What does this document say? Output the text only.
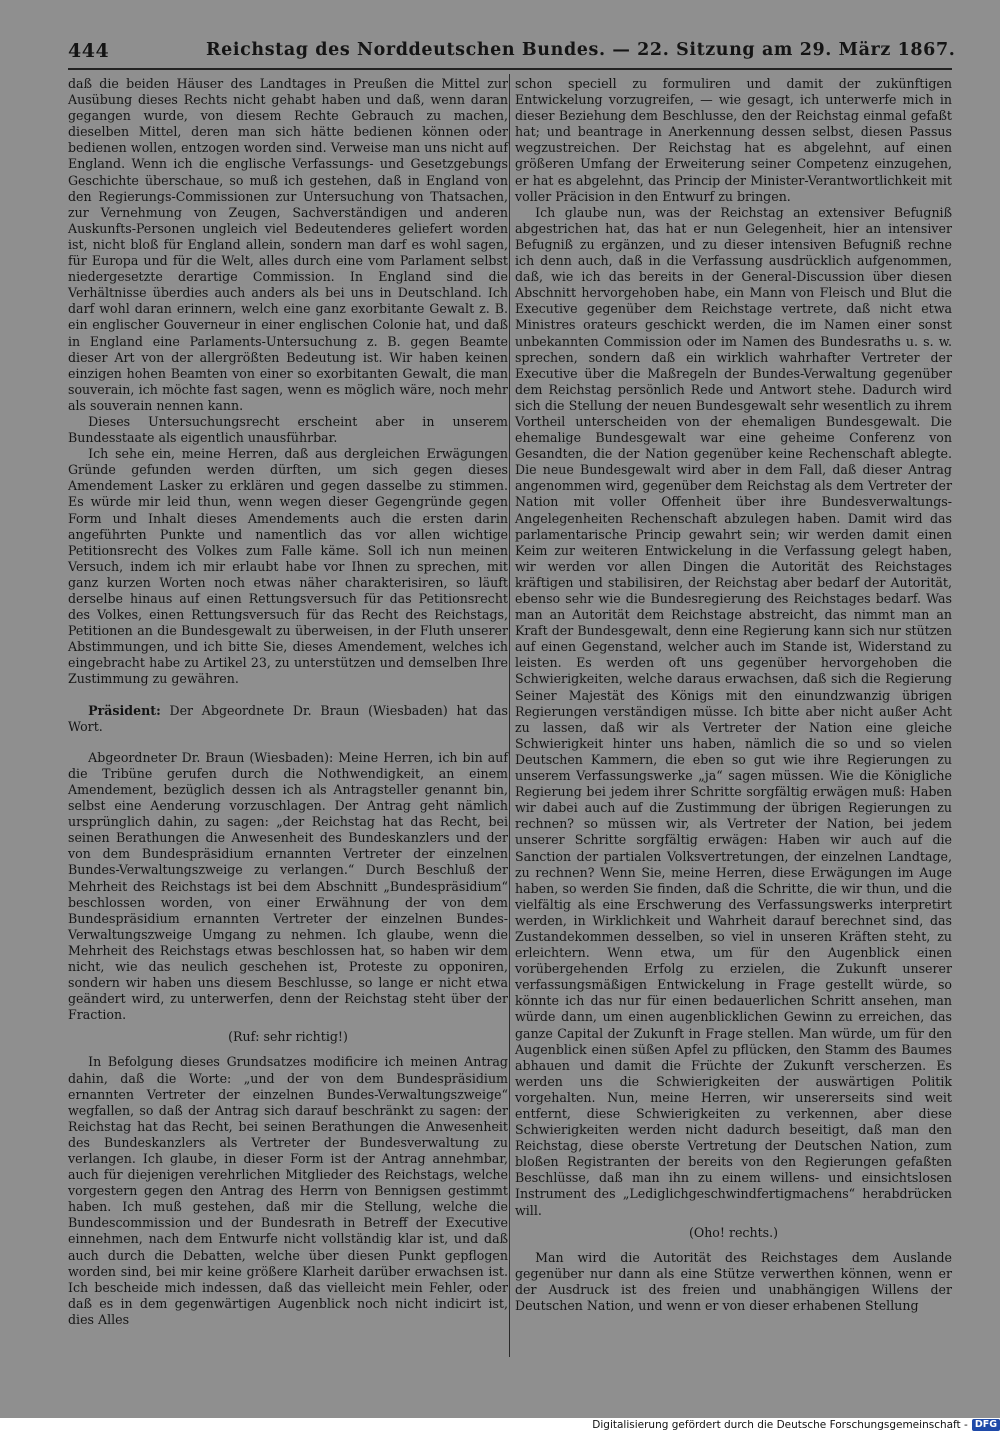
444	Reichstag des Norddeutschen Bundes. — 22. Sitzung am 29. März 1867.

daß die beiden Häuser des Landtages in Preußen die Mittel zur Ausübung dieses Rechts nicht gehabt haben und daß, wenn daran gegangen wurde, von diesem Rechte Gebrauch zu machen, dieselben Mittel, deren man sich hätte bedienen können oder bedienen wollen, entzogen worden sind. Verweise man uns nicht auf England. Wenn ich die englische Verfassungs- und Gesetzgebungs Geschichte überschaue, so muß ich gestehen, daß in England von den Regierungs-Commissionen zur Untersuchung von Thatsachen, zur Vernehmung von Zeugen, Sachverständigen und anderen Auskunfts-Personen ungleich viel Bedeutenderes geliefert worden ist, nicht bloß für England allein, sondern man darf es wohl sagen, für Europa und für die Welt, alles durch eine vom Parlament selbst niedergesetzte derartige Commission. In England sind die Verhältnisse überdies auch anders als bei uns in Deutschland. Ich darf wohl daran erinnern, welch eine ganz exorbitante Gewalt z. B. ein englischer Gouverneur in einer englischen Colonie hat, und daß in England eine Parlaments-Untersuchung z. B. gegen Beamte dieser Art von der allergrößten Bedeutung ist. Wir haben keinen einzigen hohen Beamten von einer so exorbitanten Gewalt, die man souverain, ich möchte fast sagen, wenn es möglich wäre, noch mehr als souverain nennen kann.

Dieses Untersuchungsrecht erscheint aber in unserem Bundesstaate als eigentlich unausführbar.

Ich sehe ein, meine Herren, daß aus dergleichen Erwägungen Gründe gefunden werden dürften, um sich gegen dieses Amendement Lasker zu erklären und gegen dasselbe zu stimmen. Es würde mir leid thun, wenn wegen dieser Gegengründe gegen Form und Inhalt dieses Amendements auch die ersten darin angeführten Punkte und namentlich das vor allen wichtige Petitionsrecht des Volkes zum Falle käme. Soll ich nun meinen Versuch, indem ich mir erlaubt habe vor Ihnen zu sprechen, mit ganz kurzen Worten noch etwas näher charakterisiren, so läuft derselbe hinaus auf einen Rettungsversuch für das Petitionsrecht des Volkes, einen Rettungsversuch für das Recht des Reichstags, Petitionen an die Bundesgewalt zu überweisen, in der Fluth unserer Abstimmungen, und ich bitte Sie, dieses Amendement, welches ich eingebracht habe zu Artikel 23, zu unterstützen und demselben Ihre Zustimmung zu gewähren.

Präsident: Der Abgeordnete Dr. Braun (Wiesbaden) hat das Wort.

Abgeordneter Dr. Braun (Wiesbaden): Meine Herren, ich bin auf die Tribüne gerufen durch die Nothwendigkeit, an einem Amendement, bezüglich dessen ich als Antragsteller genannt bin, selbst eine Aenderung vorzuschlagen. Der Antrag geht nämlich ursprünglich dahin, zu sagen: „der Reichstag hat das Recht, bei seinen Berathungen die Anwesenheit des Bundeskanzlers und der von dem Bundespräsidium ernannten Vertreter der einzelnen Bundes-Verwaltungszweige zu verlangen.“ Durch Beschluß der Mehrheit des Reichstags ist bei dem Abschnitt „Bundespräsidium“ beschlossen worden, von einer Erwähnung der von dem Bundespräsidium ernannten Vertreter der einzelnen Bundes-Verwaltungszweige Umgang zu nehmen. Ich glaube, wenn die Mehrheit des Reichstags etwas beschlossen hat, so haben wir dem nicht, wie das neulich geschehen ist, Proteste zu opponiren, sondern wir haben uns diesem Beschlusse, so lange er nicht etwa geändert wird, zu unterwerfen, denn der Reichstag steht über der Fraction.

(Ruf: sehr richtig!)

In Befolgung dieses Grundsatzes modificire ich meinen Antrag dahin, daß die Worte: „und der von dem Bundespräsidium ernannten Vertreter der einzelnen Bundes-Verwaltungszweige“ wegfallen, so daß der Antrag sich darauf beschränkt zu sagen: der Reichstag hat das Recht, bei seinen Berathungen die Anwesenheit des Bundeskanzlers als Vertreter der Bundesverwaltung zu verlangen. Ich glaube, in dieser Form ist der Antrag annehmbar, auch für diejenigen verehrlichen Mitglieder des Reichstags, welche vorgestern gegen den Antrag des Herrn von Bennigsen gestimmt haben. Ich muß gestehen, daß mir die Stellung, welche die Bundescommission und der Bundesrath in Betreff der Executive einnehmen, nach dem Entwurfe nicht vollständig klar ist, und daß auch durch die Debatten, welche über diesen Punkt gepflogen worden sind, bei mir keine größere Klarheit darüber erwachsen ist. Ich bescheide mich indessen, daß das vielleicht mein Fehler, oder daß es in dem gegenwärtigen Augenblick noch nicht indicirt ist, dies Alles

schon speciell zu formuliren und damit der zukünftigen Entwickelung vorzugreifen, — wie gesagt, ich unterwerfe mich in dieser Beziehung dem Beschlusse, den der Reichstag einmal gefaßt hat; und beantrage in Anerkennung dessen selbst, diesen Passus wegzustreichen. Der Reichstag hat es abgelehnt, auf einen größeren Umfang der Erweiterung seiner Competenz einzugehen, er hat es abgelehnt, das Princip der Minister-Verantwortlichkeit mit voller Präcision in den Entwurf zu bringen.

Ich glaube nun, was der Reichstag an extensiver Befugniß abgestrichen hat, das hat er nun Gelegenheit, hier an intensiver Befugniß zu ergänzen, und zu dieser intensiven Befugniß rechne ich denn auch, daß in die Verfassung ausdrücklich aufgenommen, daß, wie ich das bereits in der General-Discussion über diesen Abschnitt hervorgehoben habe, ein Mann von Fleisch und Blut die Executive gegenüber dem Reichstage vertrete, daß nicht etwa Ministres orateurs geschickt werden, die im Namen einer sonst unbekannten Commission oder im Namen des Bundesraths u. s. w. sprechen, sondern daß ein wirklich wahrhafter Vertreter der Executive über die Maßregeln der Bundes-Verwaltung gegenüber dem Reichstag persönlich Rede und Antwort stehe. Dadurch wird sich die Stellung der neuen Bundesgewalt sehr wesentlich zu ihrem Vortheil unterscheiden von der ehemaligen Bundesgewalt. Die ehemalige Bundesgewalt war eine geheime Conferenz von Gesandten, die der Nation gegenüber keine Rechenschaft ablegte. Die neue Bundesgewalt wird aber in dem Fall, daß dieser Antrag angenommen wird, gegenüber dem Reichstag als dem Vertreter der Nation mit voller Offenheit über ihre Bundesverwaltungs-Angelegenheiten Rechenschaft abzulegen haben. Damit wird das parlamentarische Princip gewahrt sein; wir werden damit einen Keim zur weiteren Entwickelung in die Verfassung gelegt haben, wir werden vor allen Dingen die Autorität des Reichstages kräftigen und stabilisiren, der Reichstag aber bedarf der Autorität, ebenso sehr wie die Bundesregierung des Reichstages bedarf. Was man an Autorität dem Reichstage abstreicht, das nimmt man an Kraft der Bundesgewalt, denn eine Regierung kann sich nur stützen auf einen Gegenstand, welcher auch im Stande ist, Widerstand zu leisten. Es werden oft uns gegenüber hervorgehoben die Schwierigkeiten, welche daraus erwachsen, daß sich die Regierung Seiner Majestät des Königs mit den einundzwanzig übrigen Regierungen verständigen müsse. Ich bitte aber nicht außer Acht zu lassen, daß wir als Vertreter der Nation eine gleiche Schwierigkeit hinter uns haben, nämlich die so und so vielen Deutschen Kammern, die eben so gut wie ihre Regierungen zu unserem Verfassungswerke „ja“ sagen müssen. Wie die Königliche Regierung bei jedem ihrer Schritte sorgfältig erwägen muß: Haben wir dabei auch auf die Zustimmung der übrigen Regierungen zu rechnen? so müssen wir, als Vertreter der Nation, bei jedem unserer Schritte sorgfältig erwägen: Haben wir auch auf die Sanction der partialen Volksvertretungen, der einzelnen Landtage, zu rechnen? Wenn Sie, meine Herren, diese Erwägungen im Auge haben, so werden Sie finden, daß die Schritte, die wir thun, und die vielfältig als eine Erschwerung des Verfassungswerks interpretirt werden, in Wirklichkeit und Wahrheit darauf berechnet sind, das Zustandekommen desselben, so viel in unseren Kräften steht, zu erleichtern. Wenn etwa, um für den Augenblick einen vorübergehenden Erfolg zu erzielen, die Zukunft unserer verfassungsmäßigen Entwickelung in Frage gestellt würde, so könnte ich das nur für einen bedauerlichen Schritt ansehen, man würde dann, um einen augenblicklichen Gewinn zu erreichen, das ganze Capital der Zukunft in Frage stellen. Man würde, um für den Augenblick einen süßen Apfel zu pflücken, den Stamm des Baumes abhauen und damit die Früchte der Zukunft verscherzen. Es werden uns die Schwierigkeiten der auswärtigen Politik vorgehalten. Nun, meine Herren, wir unsererseits sind weit entfernt, diese Schwierigkeiten zu verkennen, aber diese Schwierigkeiten werden nicht dadurch beseitigt, daß man den Reichstag, diese oberste Vertretung der Deutschen Nation, zum bloßen Registranten der bereits von den Regierungen gefaßten Beschlüsse, daß man ihn zu einem willens- und einsichtslosen Instrument des „Lediglichgeschwindfertigmachens“ herabdrücken will.

(Oho! rechts.)

Man wird die Autorität des Reichstages dem Auslande gegenüber nur dann als eine Stütze verwerthen können, wenn er der Ausdruck ist des freien und unabhängigen Willens der Deutschen Nation, und wenn er von dieser erhabenen Stellung

Digitalisierung gefördert durch die Deutsche Forschungsgemeinschaft - DFG
